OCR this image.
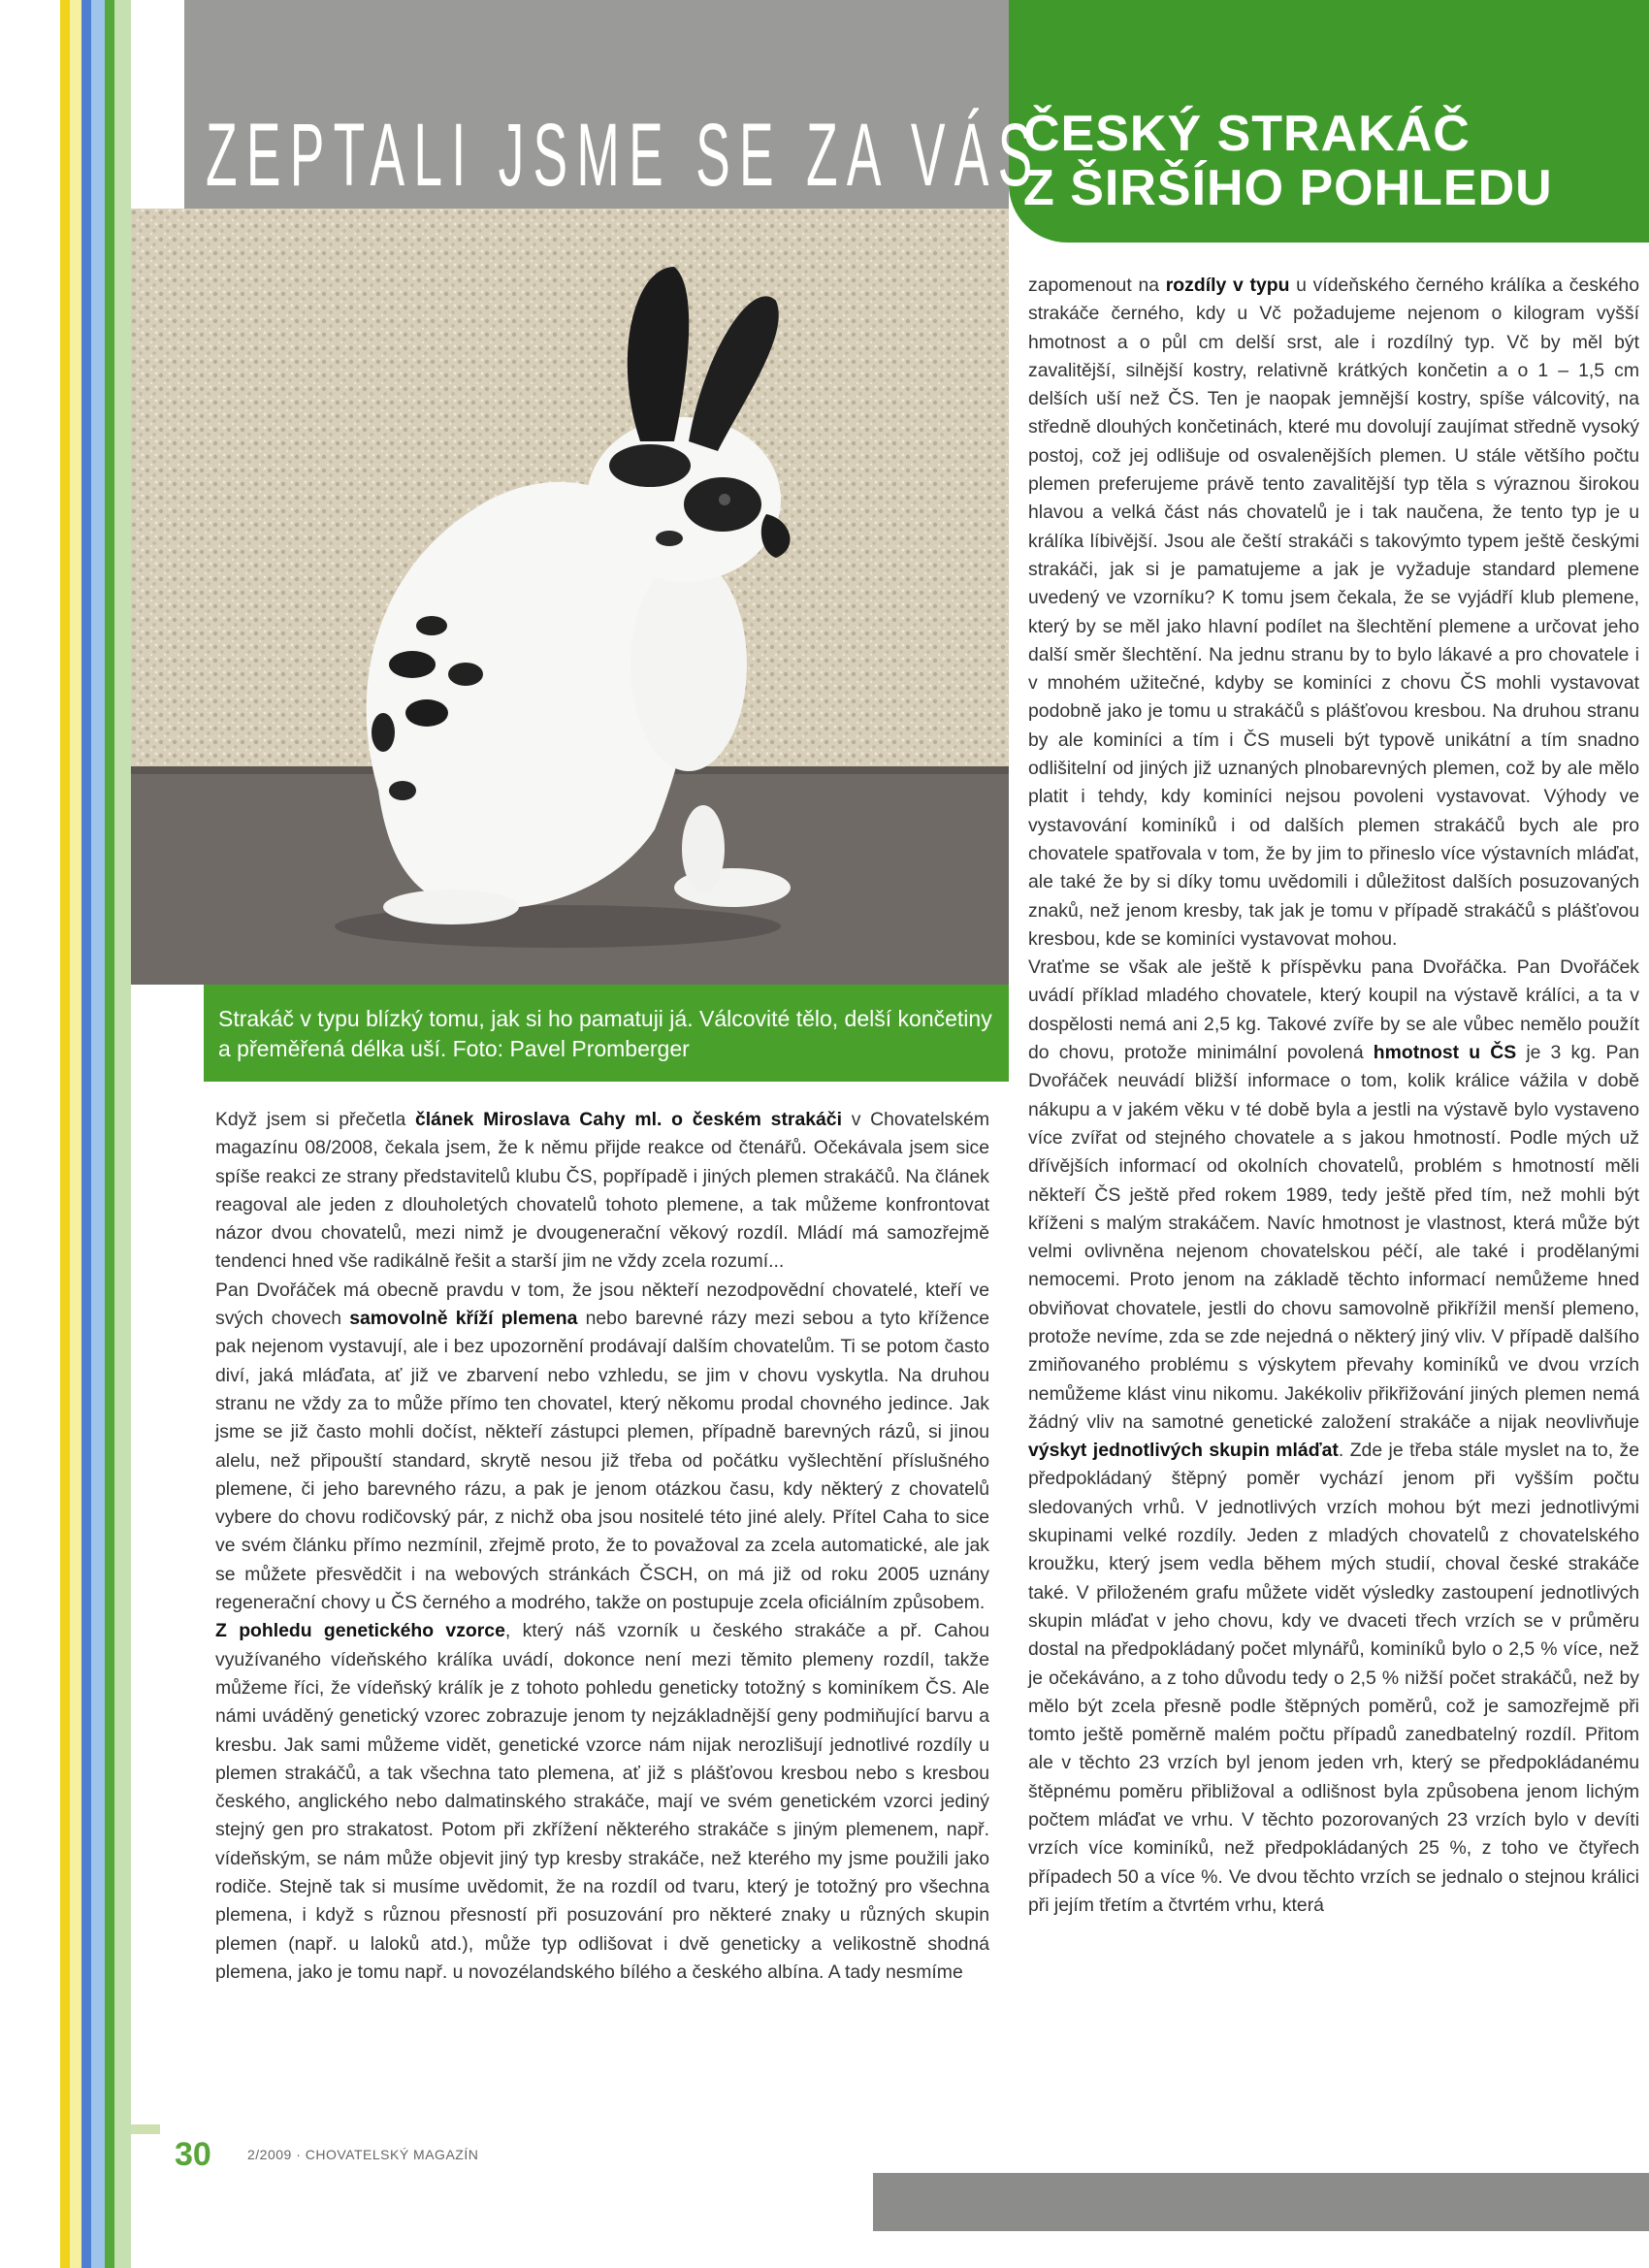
ZEPTALI JSME SE ZA VÁS
ČESKÝ STRAKÁČ
Z ŠIRŠÍHO POHLEDU
Strakáč v typu blízký tomu, jak si ho pamatuji já. Válcovité tělo, delší končetiny a přeměřená délka uší. Foto: Pavel Promberger

Když jsem si přečetla článek Miroslava Cahy ml. o českém strakáči v Chovatelském magazínu 08/2008, čekala jsem, že k němu přijde reakce od čtenářů. Očekávala jsem sice spíše reakci ze strany představitelů klubu ČS, popřípadě i jiných plemen strakáčů. Na článek reagoval ale jeden z dlouholetých chovatelů tohoto plemene, a tak můžeme konfrontovat názor dvou chovatelů, mezi nimž je dvougenerační věkový rozdíl. Mládí má samozřejmě tendenci hned vše radikálně řešit a starší jim ne vždy zcela rozumí...

Pan Dvořáček má obecně pravdu v tom, že jsou někteří nezodpovědní chovatelé, kteří ve svých chovech samovolně kříží plemena nebo barevné rázy mezi sebou a tyto křížence pak nejenom vystavují, ale i bez upozornění prodávají dalším chovatelům. Ti se potom často diví, jaká mláďata, ať již ve zbarvení nebo vzhledu, se jim v chovu vyskytla. Na druhou stranu ne vždy za to může přímo ten chovatel, který někomu prodal chovného jedince. Jak jsme se již často mohli dočíst, někteří zástupci plemen, případně barevných rázů, si jinou alelu, než připouští standard, skrytě nesou již třeba od počátku vyšlechtění příslušného plemene, či jeho barevného rázu, a pak je jenom otázkou času, kdy některý z chovatelů vybere do chovu rodičovský pár, z nichž oba jsou nositelé této jiné alely. Přítel Caha to sice ve svém článku přímo nezmínil, zřejmě proto, že to považoval za zcela automatické, ale jak se můžete přesvědčit i na webových stránkách ČSCH, on má již od roku 2005 uznány regenerační chovy u ČS černého a modrého, takže on postupuje zcela oficiálním způsobem.

Z pohledu genetického vzorce, který náš vzorník u českého strakáče a př. Cahou využívaného vídeňského králíka uvádí, dokonce není mezi těmito plemeny rozdíl, takže můžeme říci, že vídeňský králík je z tohoto pohledu geneticky totožný s kominíkem ČS. Ale námi uváděný genetický vzorec zobrazuje jenom ty nejzákladnější geny podmiňující barvu a kresbu. Jak sami můžeme vidět, genetické vzorce nám nijak nerozlišují jednotlivé rozdíly u plemen strakáčů, a tak všechna tato plemena, ať již s plášťovou kresbou nebo s kresbou českého, anglického nebo dalmatinského strakáče, mají ve svém genetickém vzorci jediný stejný gen pro strakatost. Potom při zkřížení některého strakáče s jiným plemenem, např. vídeňským, se nám může objevit jiný typ kresby strakáče, než kterého my jsme použili jako rodiče. Stejně tak si musíme uvědomit, že na rozdíl od tvaru, který je totožný pro všechna plemena, i když s různou přesností při posuzování pro některé znaky u různých skupin plemen (např. u laloků atd.), může typ odlišovat i dvě geneticky a velikostně shodná plemena, jako je tomu např. u novozélandského bílého a českého albína. A tady nesmíme

zapomenout na rozdíly v typu u vídeňského černého králíka a českého strakáče černého, kdy u Vč požadujeme nejenom o kilogram vyšší hmotnost a o půl cm delší srst, ale i rozdílný typ. Vč by měl být zavalitější, silnější kostry, relativně krátkých končetin a o 1 – 1,5 cm delších uší než ČS. Ten je naopak jemnější kostry, spíše válcovitý, na středně dlouhých končetinách, které mu dovolují zaujímat středně vysoký postoj, což jej odlišuje od osvalenějších plemen. U stále většího počtu plemen preferujeme právě tento zavalitější typ těla s výraznou širokou hlavou a velká část nás chovatelů je i tak naučena, že tento typ je u králíka líbivější. Jsou ale čeští strakáči s takovýmto typem ještě českými strakáči, jak si je pamatujeme a jak je vyžaduje standard plemene uvedený ve vzorníku? K tomu jsem čekala, že se vyjádří klub plemene, který by se měl jako hlavní podílet na šlechtění plemene a určovat jeho další směr šlechtění. Na jednu stranu by to bylo lákavé a pro chovatele i v mnohém užitečné, kdyby se kominíci z chovu ČS mohli vystavovat podobně jako je tomu u strakáčů s plášťovou kresbou. Na druhou stranu by ale kominíci a tím i ČS museli být typově unikátní a tím snadno odlišitelní od jiných již uznaných plnobarevných plemen, což by ale mělo platit i tehdy, kdy kominíci nejsou povoleni vystavovat. Výhody ve vystavování kominíků i od dalších plemen strakáčů bych ale pro chovatele spatřovala v tom, že by jim to přineslo více výstavních mláďat, ale také že by si díky tomu uvědomili i důležitost dalších posuzovaných znaků, než jenom kresby, tak jak je tomu v případě strakáčů s plášťovou kresbou, kde se kominíci vystavovat mohou.

Vraťme se však ale ještě k příspěvku pana Dvořáčka. Pan Dvořáček uvádí příklad mladého chovatele, který koupil na výstavě králíci, a ta v dospělosti nemá ani 2,5 kg. Takové zvíře by se ale vůbec nemělo použít do chovu, protože minimální povolená hmotnost u ČS je 3 kg. Pan Dvořáček neuvádí bližší informace o tom, kolik králice vážila v době nákupu a v jakém věku v té době byla a jestli na výstavě bylo vystaveno více zvířat od stejného chovatele a s jakou hmotností. Podle mých už dřívějších informací od okolních chovatelů, problém s hmotností měli někteří ČS ještě před rokem 1989, tedy ještě před tím, než mohli být kříženi s malým strakáčem. Navíc hmotnost je vlastnost, která může být velmi ovlivněna nejenom chovatelskou péčí, ale také i prodělanými nemocemi. Proto jenom na základě těchto informací nemůžeme hned obviňovat chovatele, jestli do chovu samovolně přikřížil menší plemeno, protože nevíme, zda se zde nejedná o některý jiný vliv. V případě dalšího zmiňovaného problému s výskytem převahy kominíků ve dvou vrzích nemůžeme klást vinu nikomu. Jakékoliv přikřižování jiných plemen nemá žádný vliv na samotné genetické založení strakáče a nijak neovlivňuje výskyt jednotlivých skupin mláďat. Zde je třeba stále myslet na to, že předpokládaný štěpný poměr vychází jenom při vyšším počtu sledovaných vrhů. V jednotlivých vrzích mohou být mezi jednotlivými skupinami velké rozdíly. Jeden z mladých chovatelů z chovatelského kroužku, který jsem vedla během mých studií, choval české strakáče také. V přiloženém grafu můžete vidět výsledky zastoupení jednotlivých skupin mláďat v jeho chovu, kdy ve dvaceti třech vrzích se v průměru dostal na předpokládaný počet mlynářů, kominíků bylo o 2,5 % více, než je očekáváno, a z toho důvodu tedy o 2,5 % nižší počet strakáčů, než by mělo být zcela přesně podle štěpných poměrů, což je samozřejmě při tomto ještě poměrně malém počtu případů zanedbatelný rozdíl. Přitom ale v těchto 23 vrzích byl jenom jeden vrh, který se předpokládanému štěpnému poměru přibližoval a odlišnost byla způsobena jenom lichým počtem mláďat ve vrhu. V těchto pozorovaných 23 vrzích bylo v devíti vrzích více kominíků, než předpokládaných 25 %, z toho ve čtyřech případech 50 a více %. Ve dvou těchto vrzích se jednalo o stejnou králici při jejím třetím a čtvrtém vrhu, která

30	2/2009 · CHOVATELSKÝ MAGAZÍN
